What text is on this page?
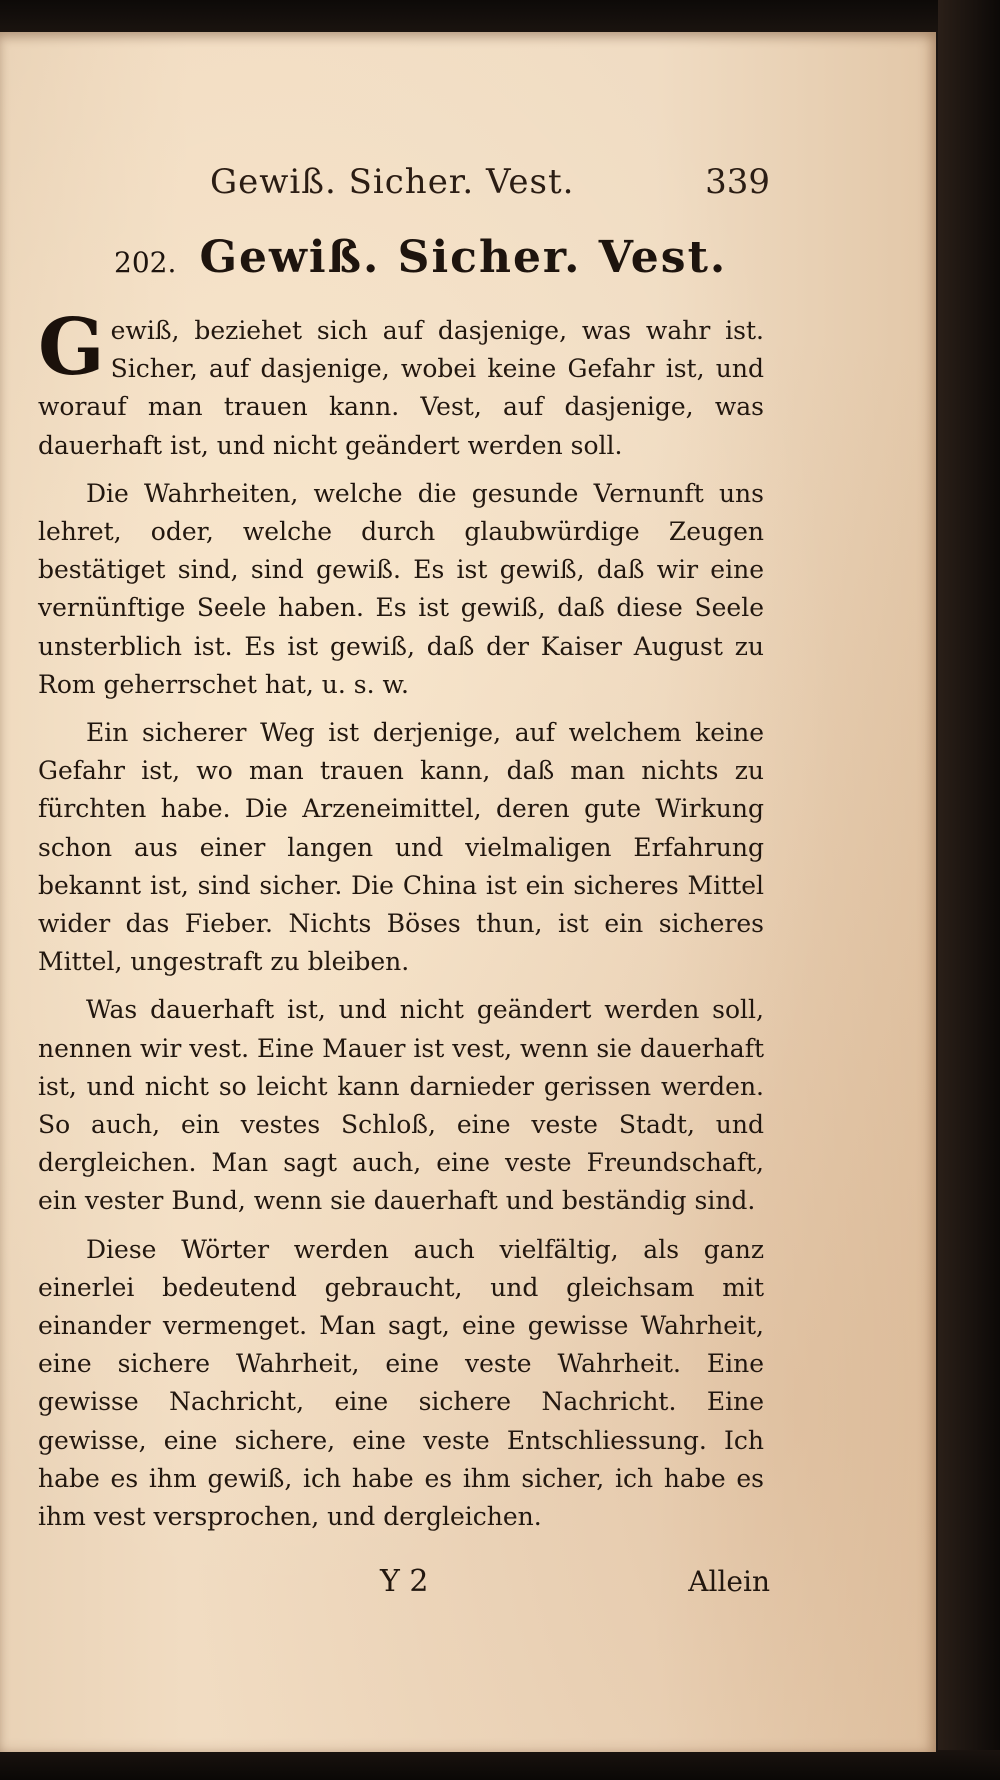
Gewiß. Sicher. Vest.	339
202. Gewiß. Sicher. Vest.

Gewiß, beziehet sich auf dasjenige, was wahr ist. Sicher, auf dasjenige, wobei keine Gefahr ist, und worauf man trauen kann. Vest, auf dasjenige, was dauerhaft ist, und nicht geändert werden soll.

Die Wahrheiten, welche die gesunde Vernunft uns lehret, oder, welche durch glaubwürdige Zeugen bestätiget sind, sind gewiß. Es ist gewiß, daß wir eine vernünftige Seele haben. Es ist gewiß, daß diese Seele unsterblich ist. Es ist gewiß, daß der Kaiser August zu Rom geherrschet hat, u. s. w.

Ein sicherer Weg ist derjenige, auf welchem keine Gefahr ist, wo man trauen kann, daß man nichts zu fürchten habe. Die Arzeneimittel, deren gute Wirkung schon aus einer langen und vielmaligen Erfahrung bekannt ist, sind sicher. Die China ist ein sicheres Mittel wider das Fieber. Nichts Böses thun, ist ein sicheres Mittel, ungestraft zu bleiben.

Was dauerhaft ist, und nicht geändert werden soll, nennen wir vest. Eine Mauer ist vest, wenn sie dauerhaft ist, und nicht so leicht kann darnieder gerissen werden. So auch, ein vestes Schloß, eine veste Stadt, und dergleichen. Man sagt auch, eine veste Freundschaft, ein vester Bund, wenn sie dauerhaft und beständig sind.

Diese Wörter werden auch vielfältig, als ganz einerlei bedeutend gebraucht, und gleichsam mit einander vermenget. Man sagt, eine gewisse Wahrheit, eine sichere Wahrheit, eine veste Wahrheit. Eine gewisse Nachricht, eine sichere Nachricht. Eine gewisse, eine sichere, eine veste Entschliessung. Ich habe es ihm gewiß, ich habe es ihm sicher, ich habe es ihm vest versprochen, und dergleichen.

Y 2	Allein
